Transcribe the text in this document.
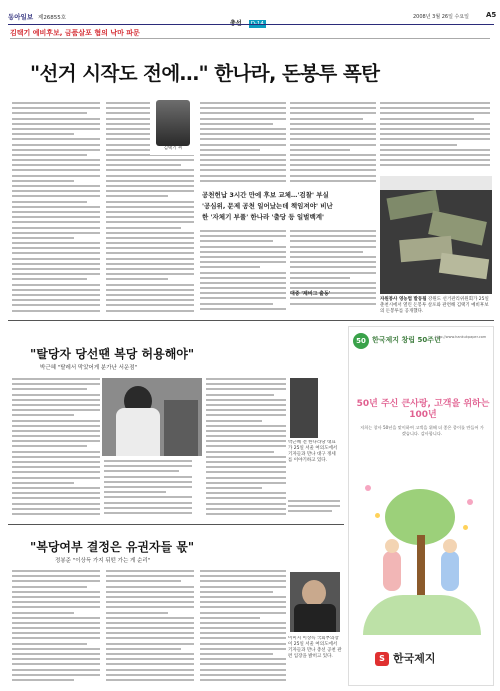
동아일보 제26855호
총선 D-14
2008년 3월 26일 수요일 A5
김택기 예비후보, 금품살포 혐의 낙마 파문
"선거 시작도 전에…" 한나라, 돈봉투 폭탄
김택기 씨
공천헌납 3시간 만에 후보 교체…'검찰' 부실
'공심위, 문제 공천 일어났는데 책임져야' 비난
한 '자체기 부풀' 한나라 '출당 등 일벌백계'
대중 '제비그 출동'
자원봉사 영농법 발동됨 강원도 선거관리위원회가 25일 춘천시에서 열린 돈봉투 살포와 관련해 김택기 예비후보의 돈봉투를 공개했다.
"탈당자 당선땐 복당 허용해야"
박근혜 "탈레서 막았어게 분가난 서운점"
박근혜 전 한나라당 대표가 25일 서울 여의도에서 기자들과 만나 대구 정세를 이야기하고 있다.
"복당여부 결정은 유권자들 몫"
정봉준 "이상득 가지 뒤떤 가는 게 순리"
이미지 이상득 국회부의장이 25일 서울 여의도에서 기자들과 만나 총선 공천 관련 입장을 밝히고 있다.
50 한국제지 창립 50주년
http://www.hankukpaper.com
50년 주신 큰사랑, 고객을 위하는 100년
저희는 창사 50년을 맞이하여 고객을 위해 더 좋은 종이를 만들어 가겠습니다. 감사합니다.
S 한국제지
